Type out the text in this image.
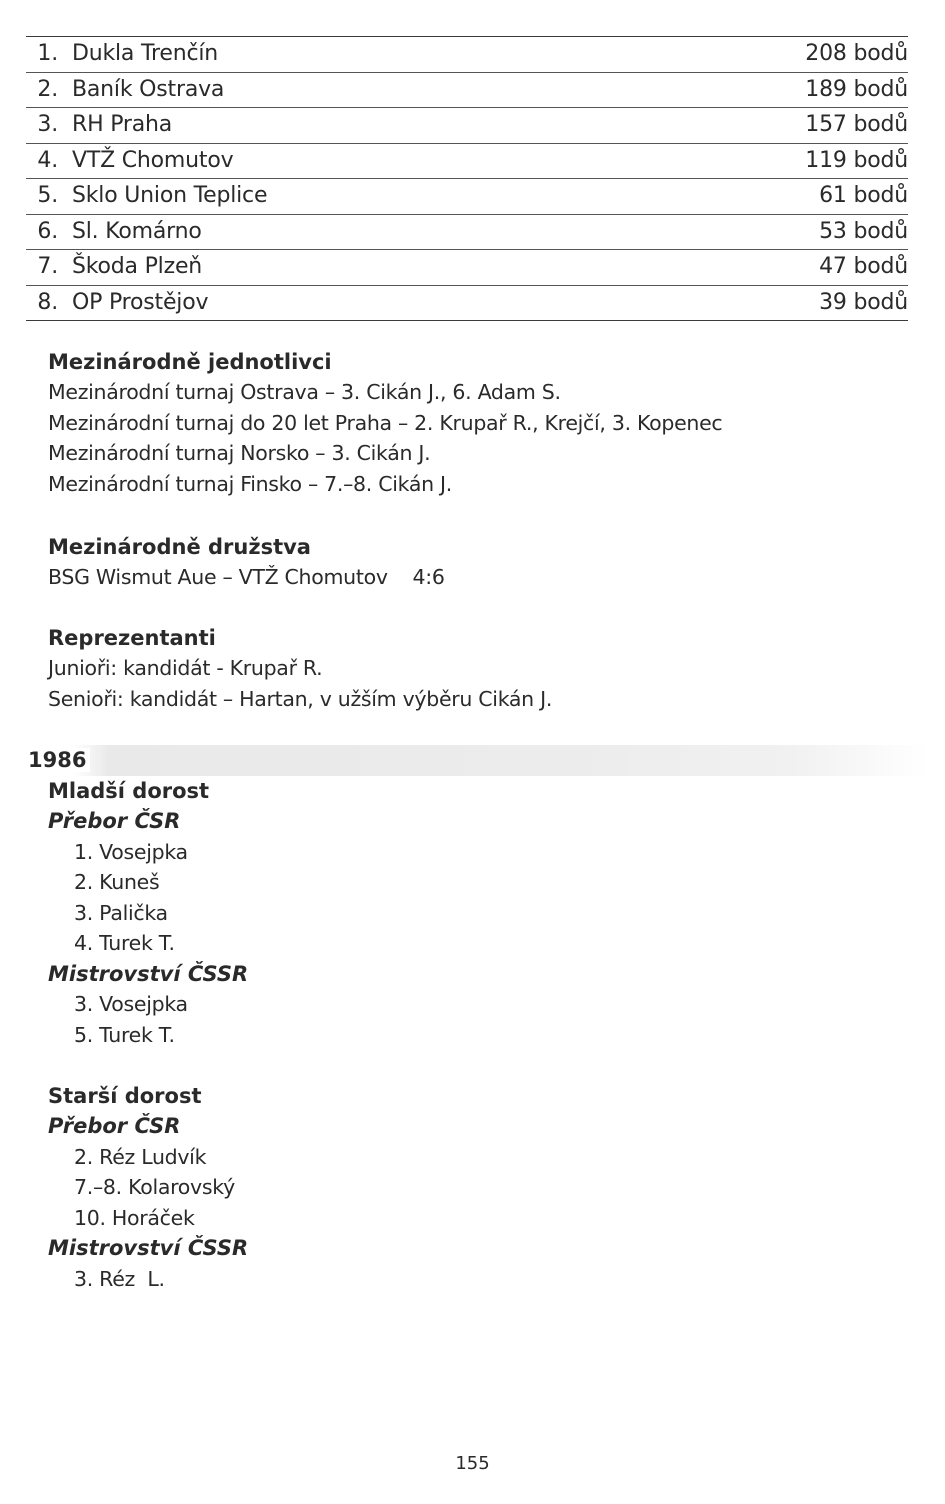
1. Dukla Trenčín	208 bodů
2. Baník Ostrava	189 bodů
3. RH Praha	157 bodů
4. VTŽ Chomutov	119 bodů
5. Sklo Union Teplice	61 bodů
6. Sl. Komárno	53 bodů
7. Škoda Plzeň	47 bodů
8. OP Prostějov	39 bodů
Mezinárodně jednotlivci
Mezinárodní turnaj Ostrava – 3. Cikán J., 6. Adam S.
Mezinárodní turnaj do 20 let Praha – 2. Krupař R., Krejčí, 3. Kopenec
Mezinárodní turnaj Norsko – 3. Cikán J.
Mezinárodní turnaj Finsko – 7.–8. Cikán J.
Mezinárodně družstva
BSG Wismut Aue – VTŽ Chomutov    4:6
Reprezentanti
Junioři: kandidát - Krupař R.
Senioři: kandidát – Hartan, v užším výběru Cikán J.
1986
Mladší dorost
Přebor ČSR
1. Vosejpka
2. Kuneš
3. Palička
4. Turek T.
Mistrovství ČSSR
3. Vosejpka
5. Turek T.
Starší dorost
Přebor ČSR
2. Réz Ludvík
7.–8. Kolarovský
10. Horáček
Mistrovství ČSSR
3. Réz  L.
155
